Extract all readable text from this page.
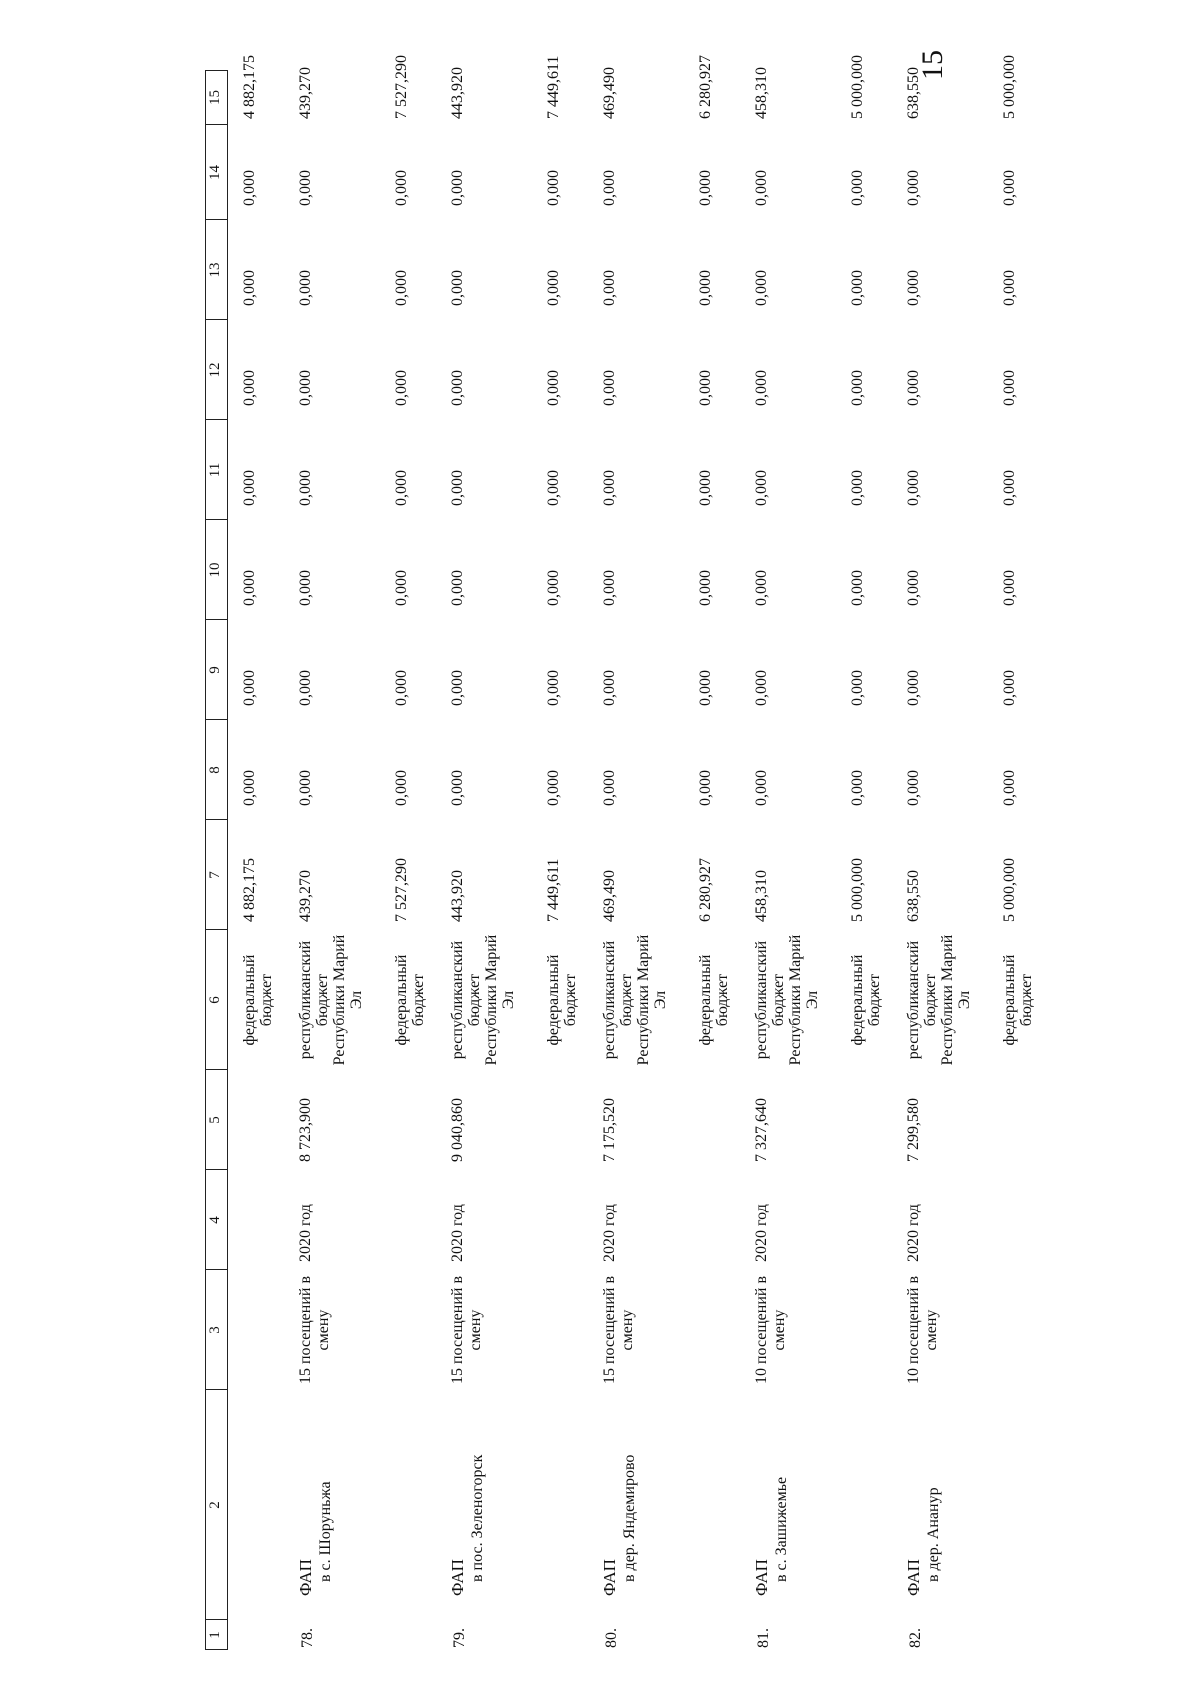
15
1
2
3
4
5
6
7
8
9
10
11
12
13
14
15
федеральный бюджет
4 882,175
0,000
0,000
0,000
0,000
0,000
0,000
0,000
4 882,175
78.
ФАП в с. Шоруньжа
15 посещений в смену
2020 год
8 723,900
республиканский бюджет Республики Марий Эл
439,270
0,000
0,000
0,000
0,000
0,000
0,000
0,000
439,270
федеральный бюджет
7 527,290
0,000
0,000
0,000
0,000
0,000
0,000
0,000
7 527,290
79.
ФАП в пос. Зеленогорск
15 посещений в смену
2020 год
9 040,860
республиканский бюджет Республики Марий Эл
443,920
0,000
0,000
0,000
0,000
0,000
0,000
0,000
443,920
федеральный бюджет
7 449,611
0,000
0,000
0,000
0,000
0,000
0,000
0,000
7 449,611
80.
ФАП в дер. Яндемирово
15 посещений в смену
2020 год
7 175,520
республиканский бюджет Республики Марий Эл
469,490
0,000
0,000
0,000
0,000
0,000
0,000
0,000
469,490
федеральный бюджет
6 280,927
0,000
0,000
0,000
0,000
0,000
0,000
0,000
6 280,927
81.
ФАП в с. Зашижемье
10 посещений в смену
2020 год
7 327,640
республиканский бюджет Республики Марий Эл
458,310
0,000
0,000
0,000
0,000
0,000
0,000
0,000
458,310
федеральный бюджет
5 000,000
0,000
0,000
0,000
0,000
0,000
0,000
0,000
5 000,000
82.
ФАП в дер. Ананур
10 посещений в смену
2020 год
7 299,580
республиканский бюджет Республики Марий Эл
638,550
0,000
0,000
0,000
0,000
0,000
0,000
0,000
638,550
федеральный бюджет
5 000,000
0,000
0,000
0,000
0,000
0,000
0,000
0,000
5 000,000
